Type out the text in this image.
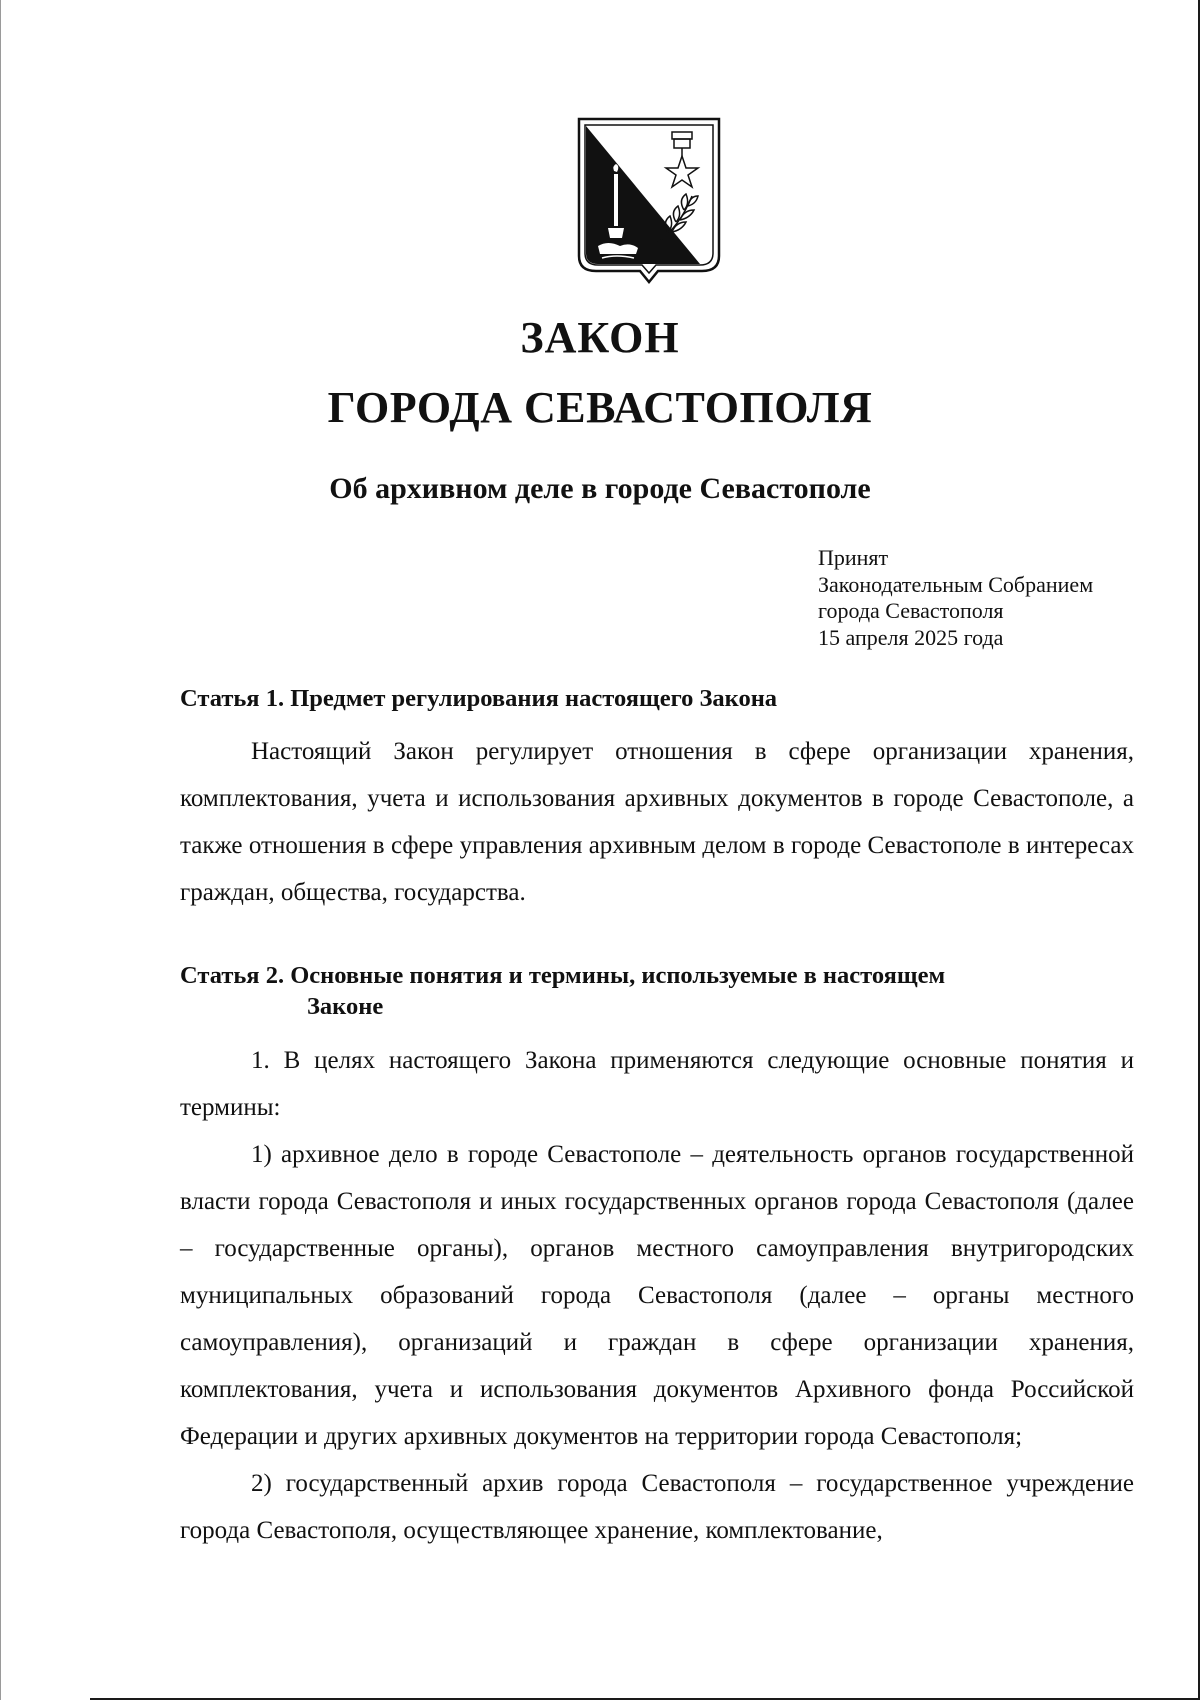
ЗАКОН
ГОРОДА СЕВАСТОПОЛЯ
Об архивном деле в городе Севастополе
Принят
Законодательным Собранием
города Севастополя
15 апреля 2025 года
Статья 1. Предмет регулирования настоящего Закона

Настоящий Закон регулирует отношения в сфере организации хранения, комплектования, учета и использования архивных документов в городе Севастополе, а также отношения в сфере управления архивным делом в городе Севастополе в интересах граждан, общества, государства.

Статья 2. Основные понятия и термины, используемые в настоящем
Законе

1. В целях настоящего Закона применяются следующие основные понятия и термины:

1) архивное дело в городе Севастополе – деятельность органов государственной власти города Севастополя и иных государственных органов города Севастополя (далее – государственные органы), органов местного самоуправления внутригородских муниципальных образований города Севастополя (далее – органы местного самоуправления), организаций и граждан в сфере организации хранения, комплектования, учета и использования документов Архивного фонда Российской Федерации и других архивных документов на территории города Севастополя;

2) государственный архив города Севастополя – государственное учреждение города Севастополя, осуществляющее хранение, комплектование,
